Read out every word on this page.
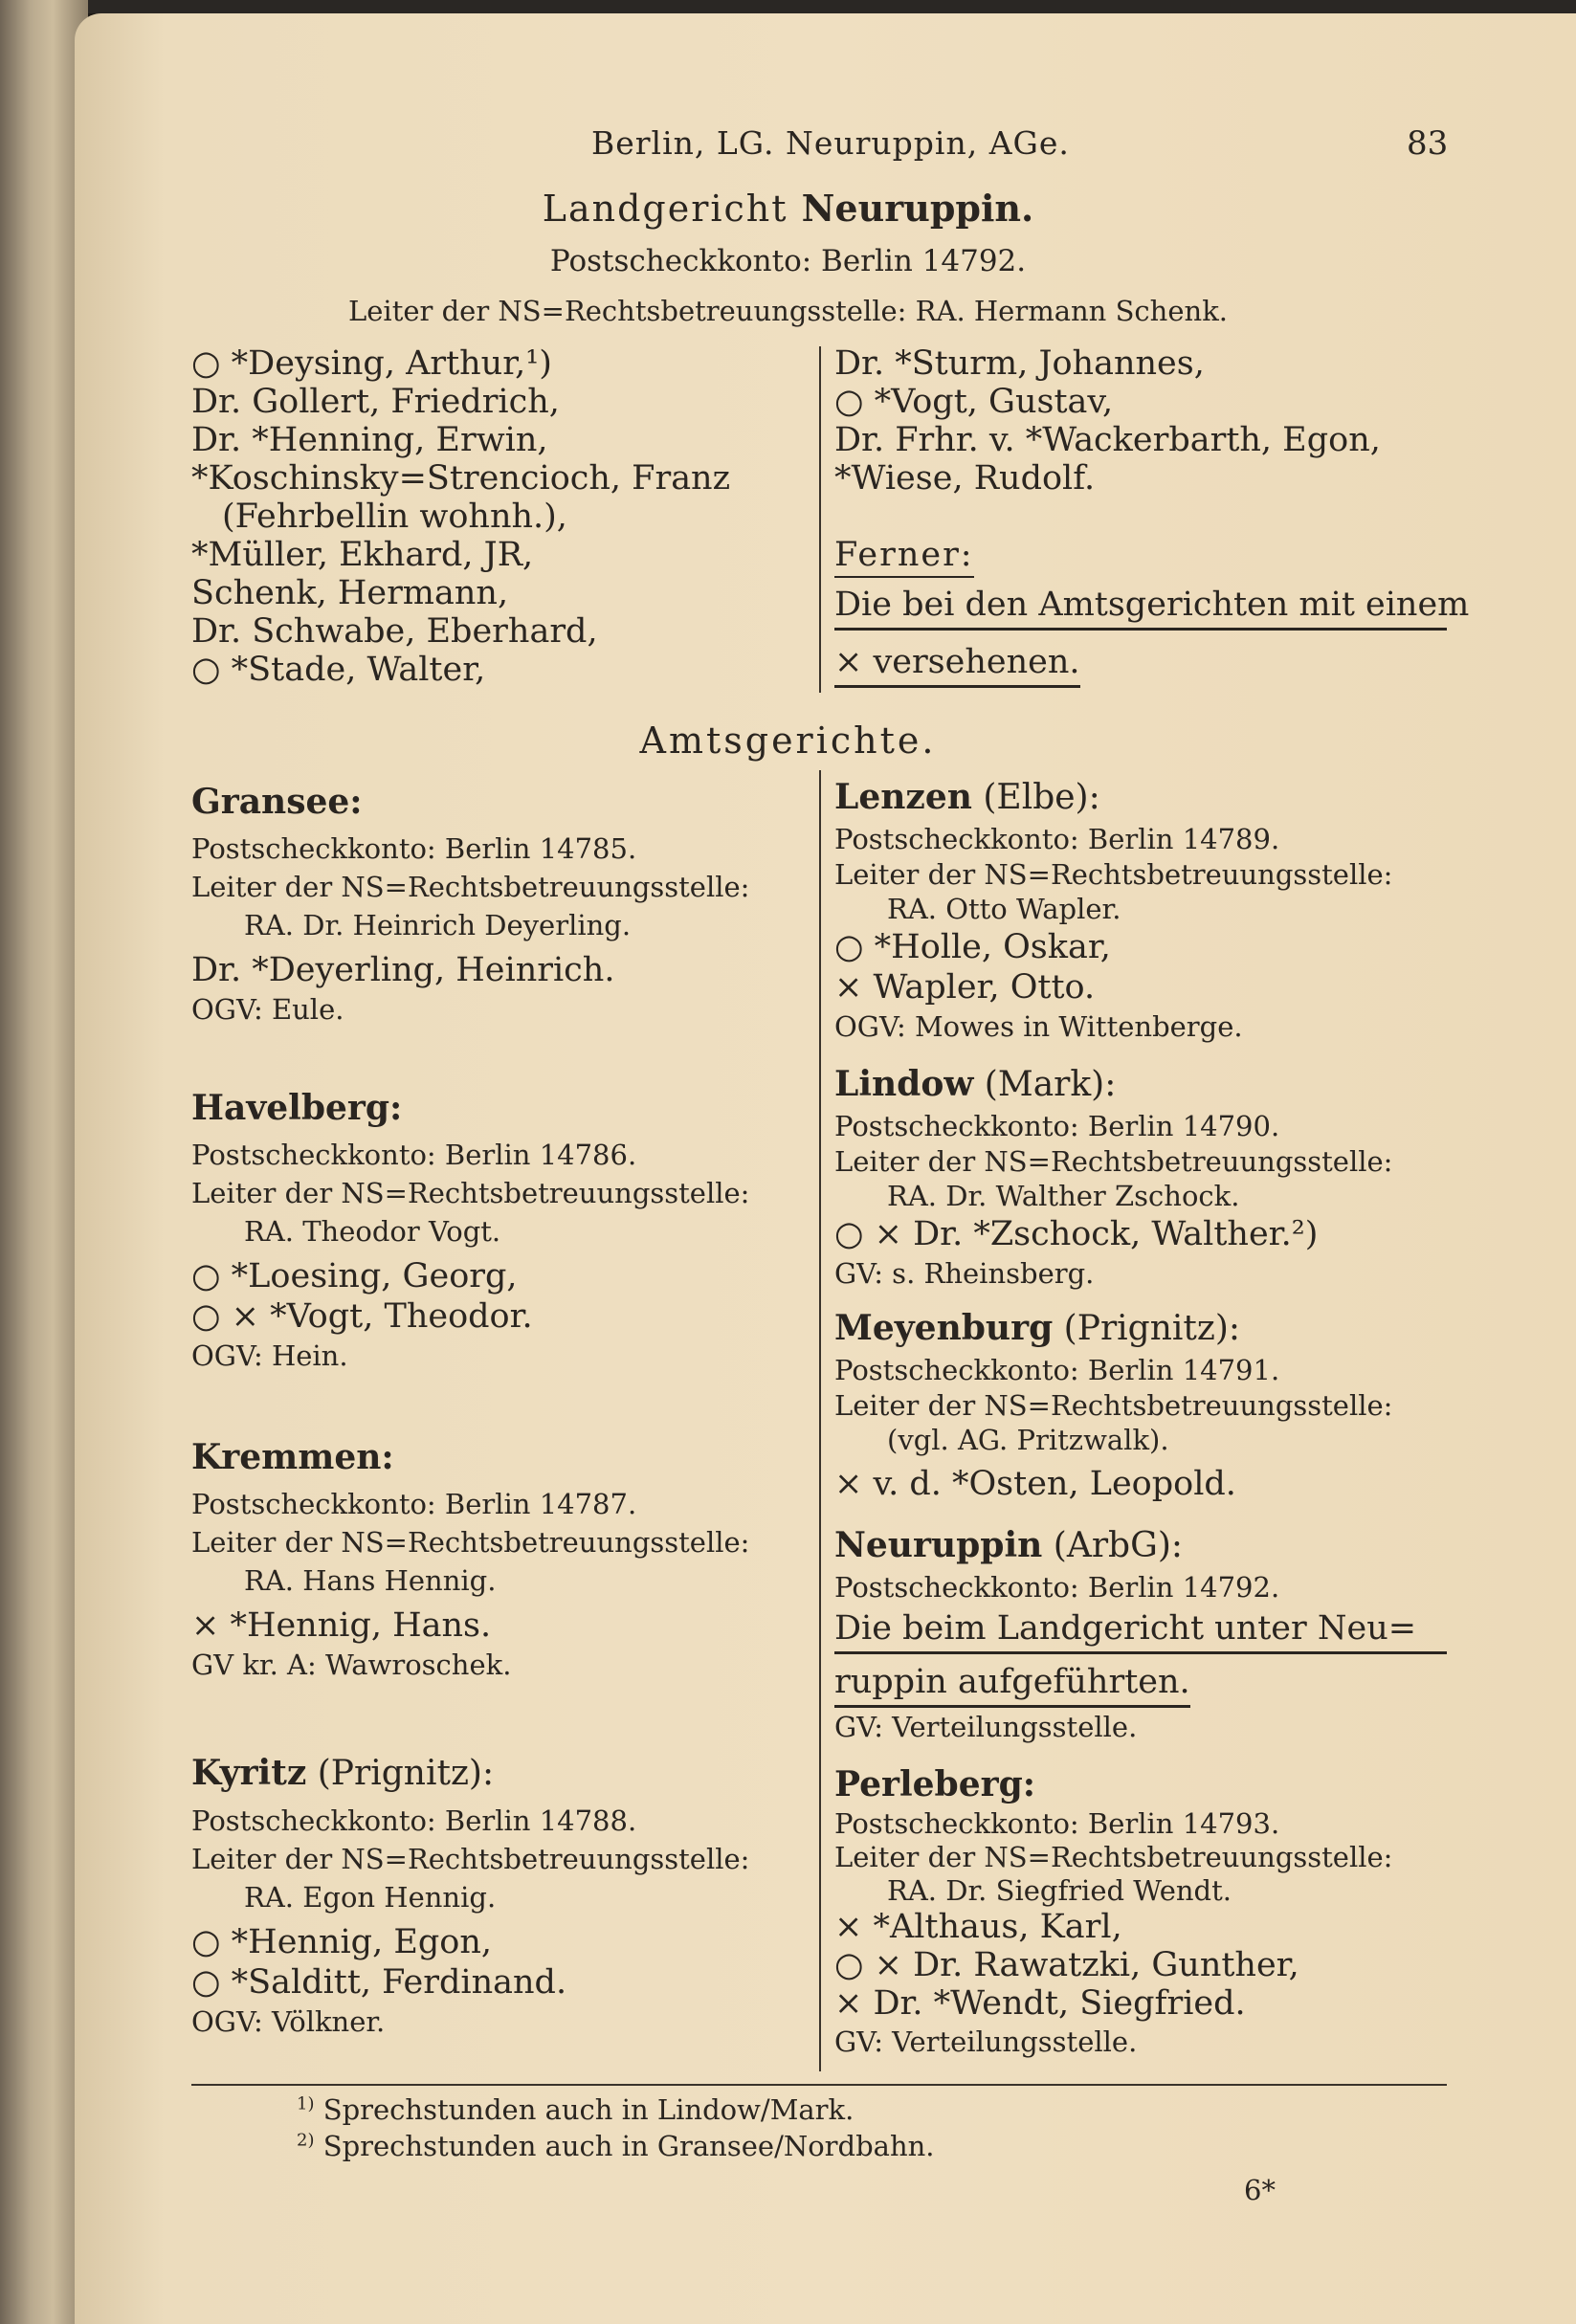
Berlin, LG. Neuruppin, AGe.	83
Landgericht Neuruppin.
Postscheckkonto: Berlin 14792.
Leiter der NS=Rechtsbetreuungsstelle: RA. Hermann Schenk.
○ *Deysing, Arthur,¹)
Dr. Gollert, Friedrich,
Dr. *Henning, Erwin,
*Koschinsky=Strencioch, Franz
(Fehrbellin wohnh.),
*Müller, Ekhard, JR,
Schenk, Hermann,
Dr. Schwabe, Eberhard,
○ *Stade, Walter,
Dr. *Sturm, Johannes,
○ *Vogt, Gustav,
Dr. Frhr. v. *Wackerbarth, Egon,
*Wiese, Rudolf.
Ferner:
Die bei den Amtsgerichten mit einem
× versehenen.
Amtsgerichte.
Gransee:
Postscheckkonto: Berlin 14785.
Leiter der NS=Rechtsbetreuungsstelle:
RA. Dr. Heinrich Deyerling.
Dr. *Deyerling, Heinrich.
OGV: Eule.
Havelberg:
Postscheckkonto: Berlin 14786.
Leiter der NS=Rechtsbetreuungsstelle:
RA. Theodor Vogt.
○ *Loesing, Georg,
○ × *Vogt, Theodor.
OGV: Hein.
Kremmen:
Postscheckkonto: Berlin 14787.
Leiter der NS=Rechtsbetreuungsstelle:
RA. Hans Hennig.
× *Hennig, Hans.
GV kr. A: Wawroschek.
Kyritz (Prignitz):
Postscheckkonto: Berlin 14788.
Leiter der NS=Rechtsbetreuungsstelle:
RA. Egon Hennig.
○ *Hennig, Egon,
○ *Salditt, Ferdinand.
OGV: Völkner.
Lenzen (Elbe):
Postscheckkonto: Berlin 14789.
Leiter der NS=Rechtsbetreuungsstelle:
RA. Otto Wapler.
○ *Holle, Oskar,
× Wapler, Otto.
OGV: Mowes in Wittenberge.
Lindow (Mark):
Postscheckkonto: Berlin 14790.
Leiter der NS=Rechtsbetreuungsstelle:
RA. Dr. Walther Zschock.
○ × Dr. *Zschock, Walther.²)
GV: s. Rheinsberg.
Meyenburg (Prignitz):
Postscheckkonto: Berlin 14791.
Leiter der NS=Rechtsbetreuungsstelle:
(vgl. AG. Pritzwalk).
× v. d. *Osten, Leopold.
Neuruppin (ArbG):
Postscheckkonto: Berlin 14792.
Die beim Landgericht unter Neu=
ruppin aufgeführten.
GV: Verteilungsstelle.
Perleberg:
Postscheckkonto: Berlin 14793.
Leiter der NS=Rechtsbetreuungsstelle:
RA. Dr. Siegfried Wendt.
× *Althaus, Karl,
○ × Dr. Rawatzki, Gunther,
× Dr. *Wendt, Siegfried.
GV: Verteilungsstelle.
$^{1)}$ Sprechstunden auch in Lindow/Mark.
$^{2)}$ Sprechstunden auch in Gransee/Nordbahn.
6*
